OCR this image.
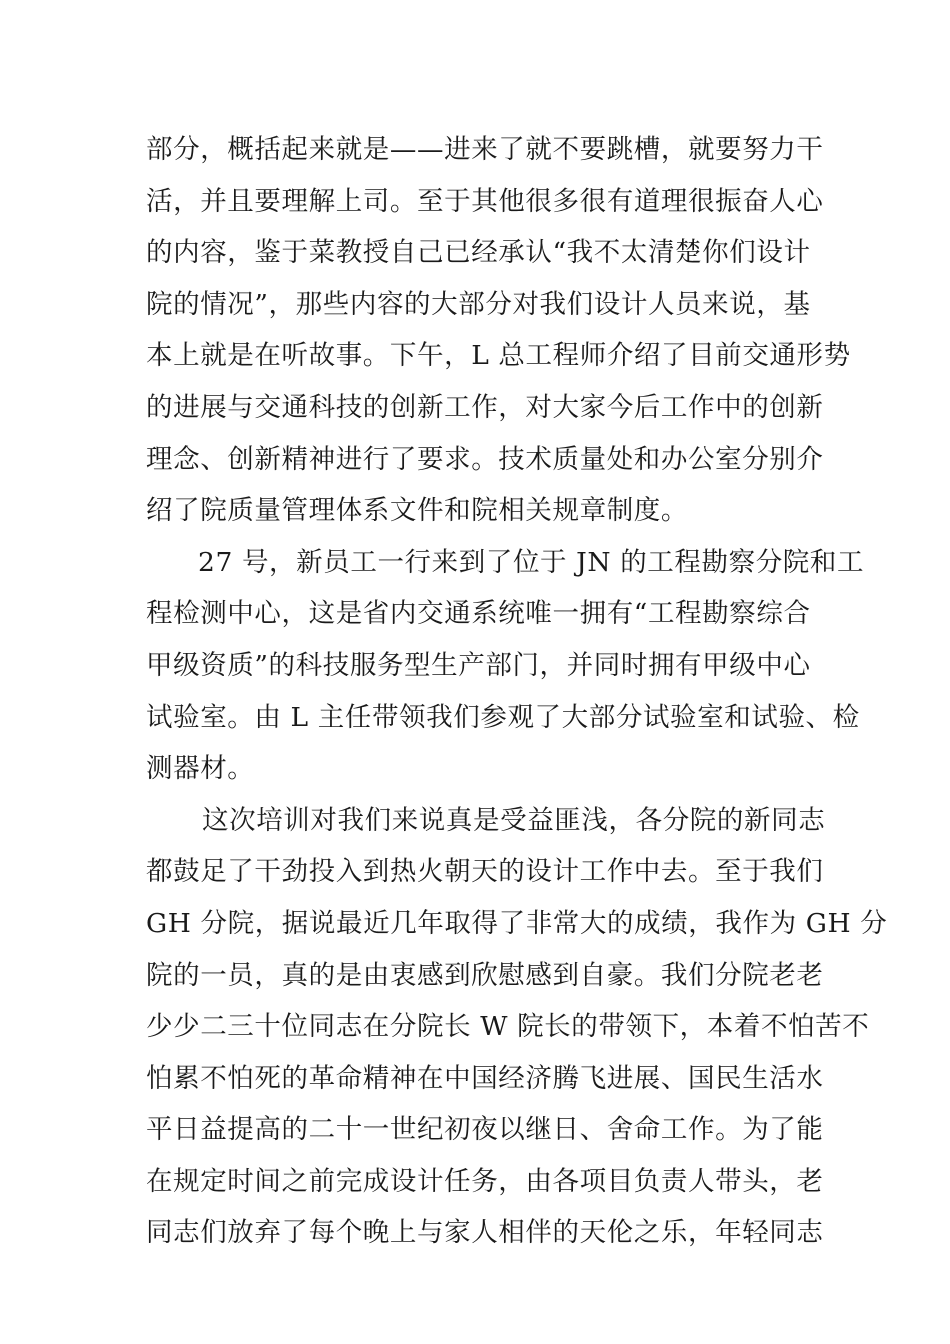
部分，概括起来就是——进来了就不要跳槽，就要努力干
活，并且要理解上司。至于其他很多很有道理很振奋人心
的内容，鉴于菜教授自己已经承认“我不太清楚你们设计
院的情况”，那些内容的大部分对我们设计人员来说，基
本上就是在听故事。下午，L 总工程师介绍了目前交通形势
的进展与交通科技的创新工作，对大家今后工作中的创新
理念、创新精神进行了要求。技术质量处和办公室分别介
绍了院质量管理体系文件和院相关规章制度。
27 号，新员工一行来到了位于 JN 的工程勘察分院和工
程检测中心，这是省内交通系统唯一拥有“工程勘察综合
甲级资质”的科技服务型生产部门，并同时拥有甲级中心
试验室。由 L 主任带领我们参观了大部分试验室和试验、检
测器材。
这次培训对我们来说真是受益匪浅，各分院的新同志
都鼓足了干劲投入到热火朝天的设计工作中去。至于我们
GH 分院，据说最近几年取得了非常大的成绩，我作为 GH 分
院的一员，真的是由衷感到欣慰感到自豪。我们分院老老
少少二三十位同志在分院长 W 院长的带领下，本着不怕苦不
怕累不怕死的革命精神在中国经济腾飞进展、国民生活水
平日益提高的二十一世纪初夜以继日、舍命工作。为了能
在规定时间之前完成设计任务，由各项目负责人带头，老
同志们放弃了每个晚上与家人相伴的天伦之乐，年轻同志
